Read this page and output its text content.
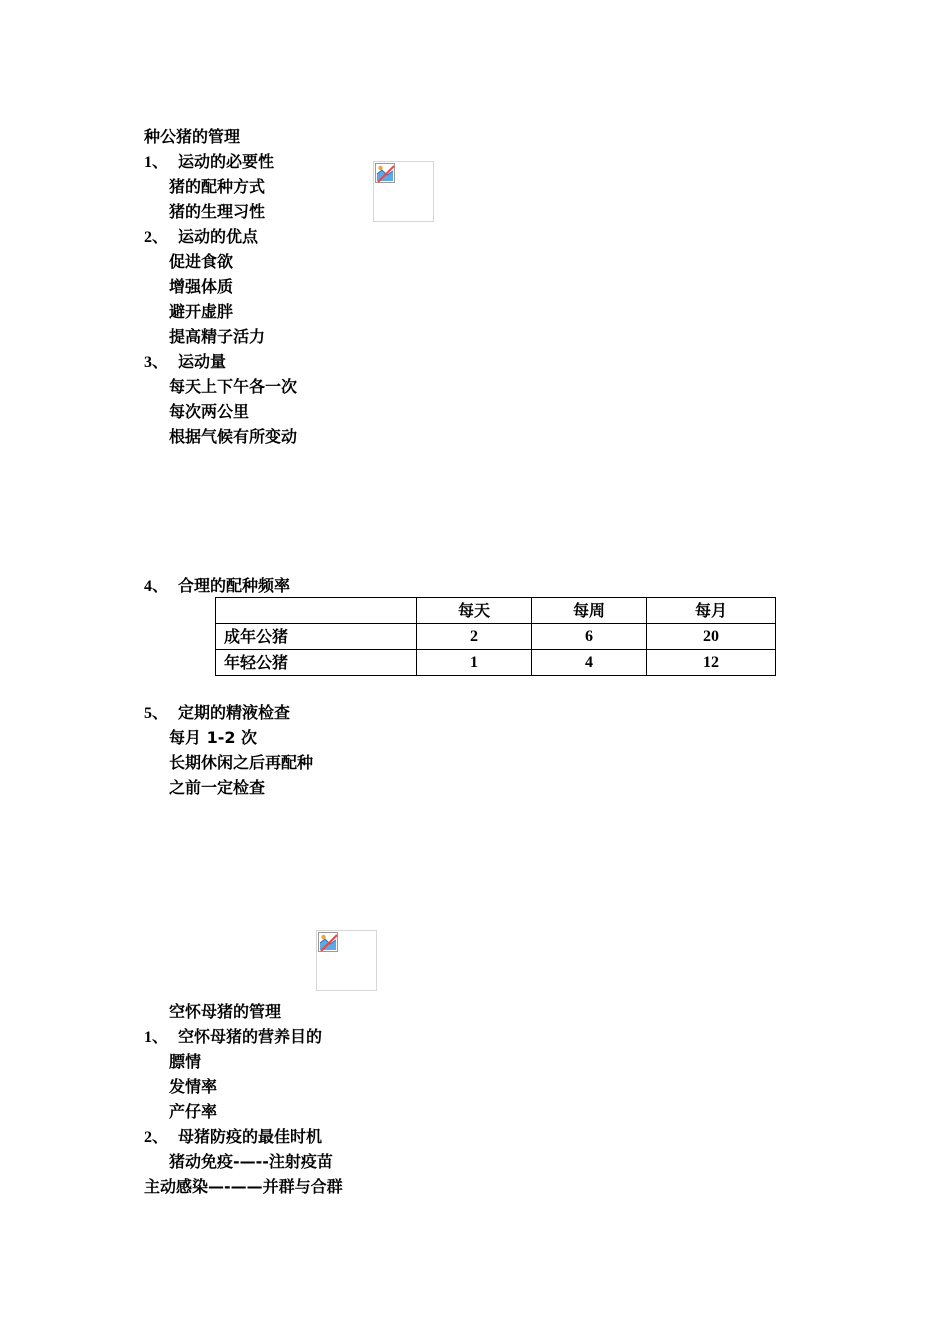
种公猪的管理
1、 运动的必要性
猪的配种方式
猪的生理习性
2、 运动的优点
促进食欲
增强体质
避开虚胖
提高精子活力
3、 运动量
每天上下午各一次
每次两公里
根据气候有所变动
4、 合理的配种频率
	每天	每周	每月
成年公猪	2	6	20
年轻公猪	1	4	12
5、 定期的精液检查
每月 1-2 次
长期休闲之后再配种
之前一定检查
空怀母猪的管理
1、 空怀母猪的营养目的
膘情
发情率
产仔率
2、 母猪防疫的最佳时机
猪动免疫-—--注射疫苗
主动感染—-——并群与合群
